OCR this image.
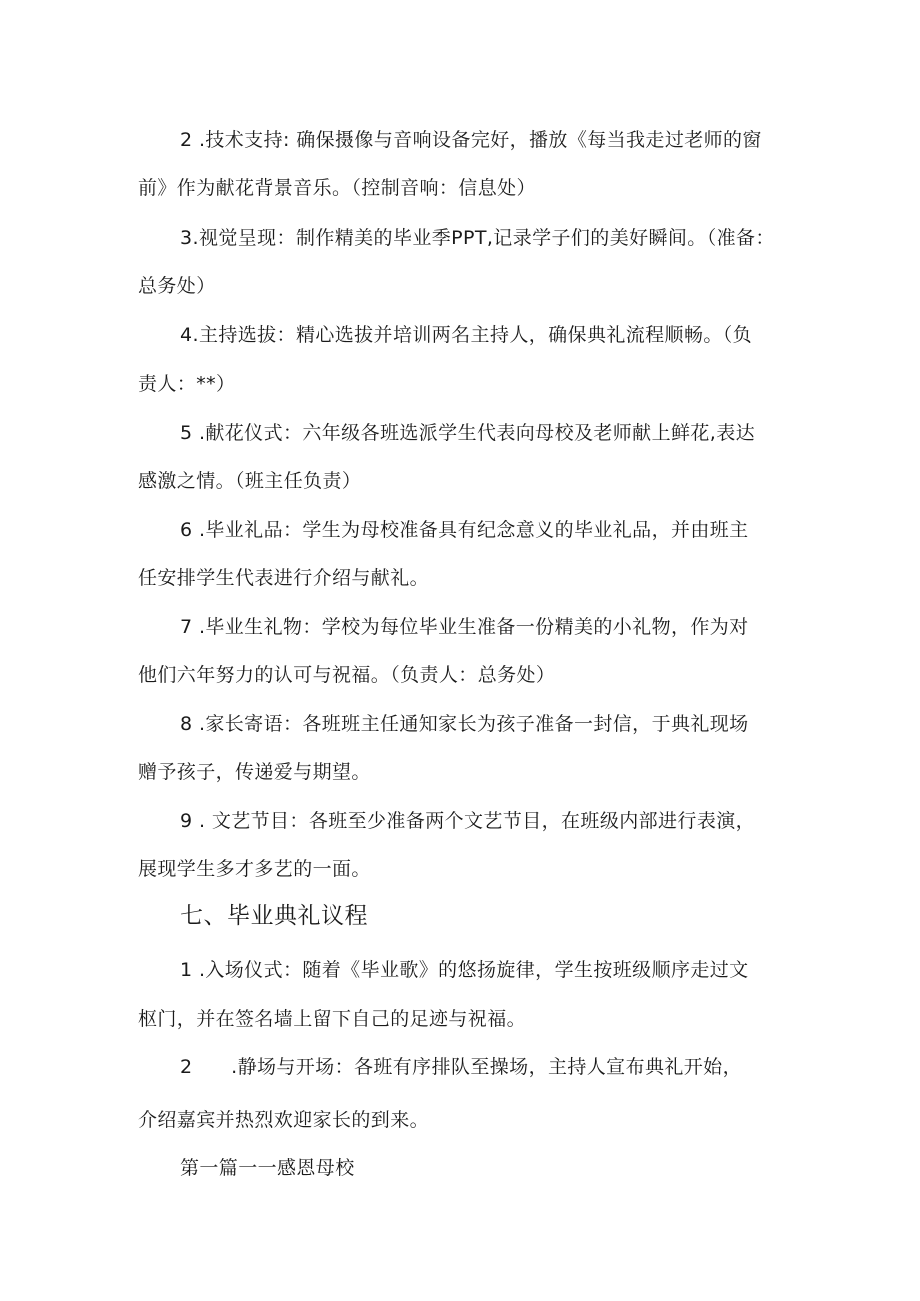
2 .技术支持: 确保摄像与音响设备完好，播放《每当我走过老师的窗
前》作为献花背景音乐。（控制音响：信息处）
3.视觉呈现：制作精美的毕业季PPT,记录学子们的美好瞬间。（准备：
总务处）
4.主持选拔：精心选拔并培训两名主持人，确保典礼流程顺畅。（负
责人：**）
5 .献花仪式：六年级各班选派学生代表向母校及老师献上鲜花,表达
感激之情。（班主任负责）
6 .毕业礼品：学生为母校准备具有纪念意义的毕业礼品，并由班主
任安排学生代表进行介绍与献礼。
7 .毕业生礼物：学校为每位毕业生准备一份精美的小礼物，作为对
他们六年努力的认可与祝福。（负责人：总务处）
8 .家长寄语：各班班主任通知家长为孩子准备一封信，于典礼现场
赠予孩子，传递爱与期望。
9 . 文艺节目：各班至少准备两个文艺节目，在班级内部进行表演，
展现学生多才多艺的一面。
七、毕业典礼议程
1 .入场仪式：随着《毕业歌》的悠扬旋律，学生按班级顺序走过文
枢门，并在签名墙上留下自己的足迹与祝福。
2      .静场与开场：各班有序排队至操场，主持人宣布典礼开始，
介绍嘉宾并热烈欢迎家长的到来。
第一篇一一感恩母校
